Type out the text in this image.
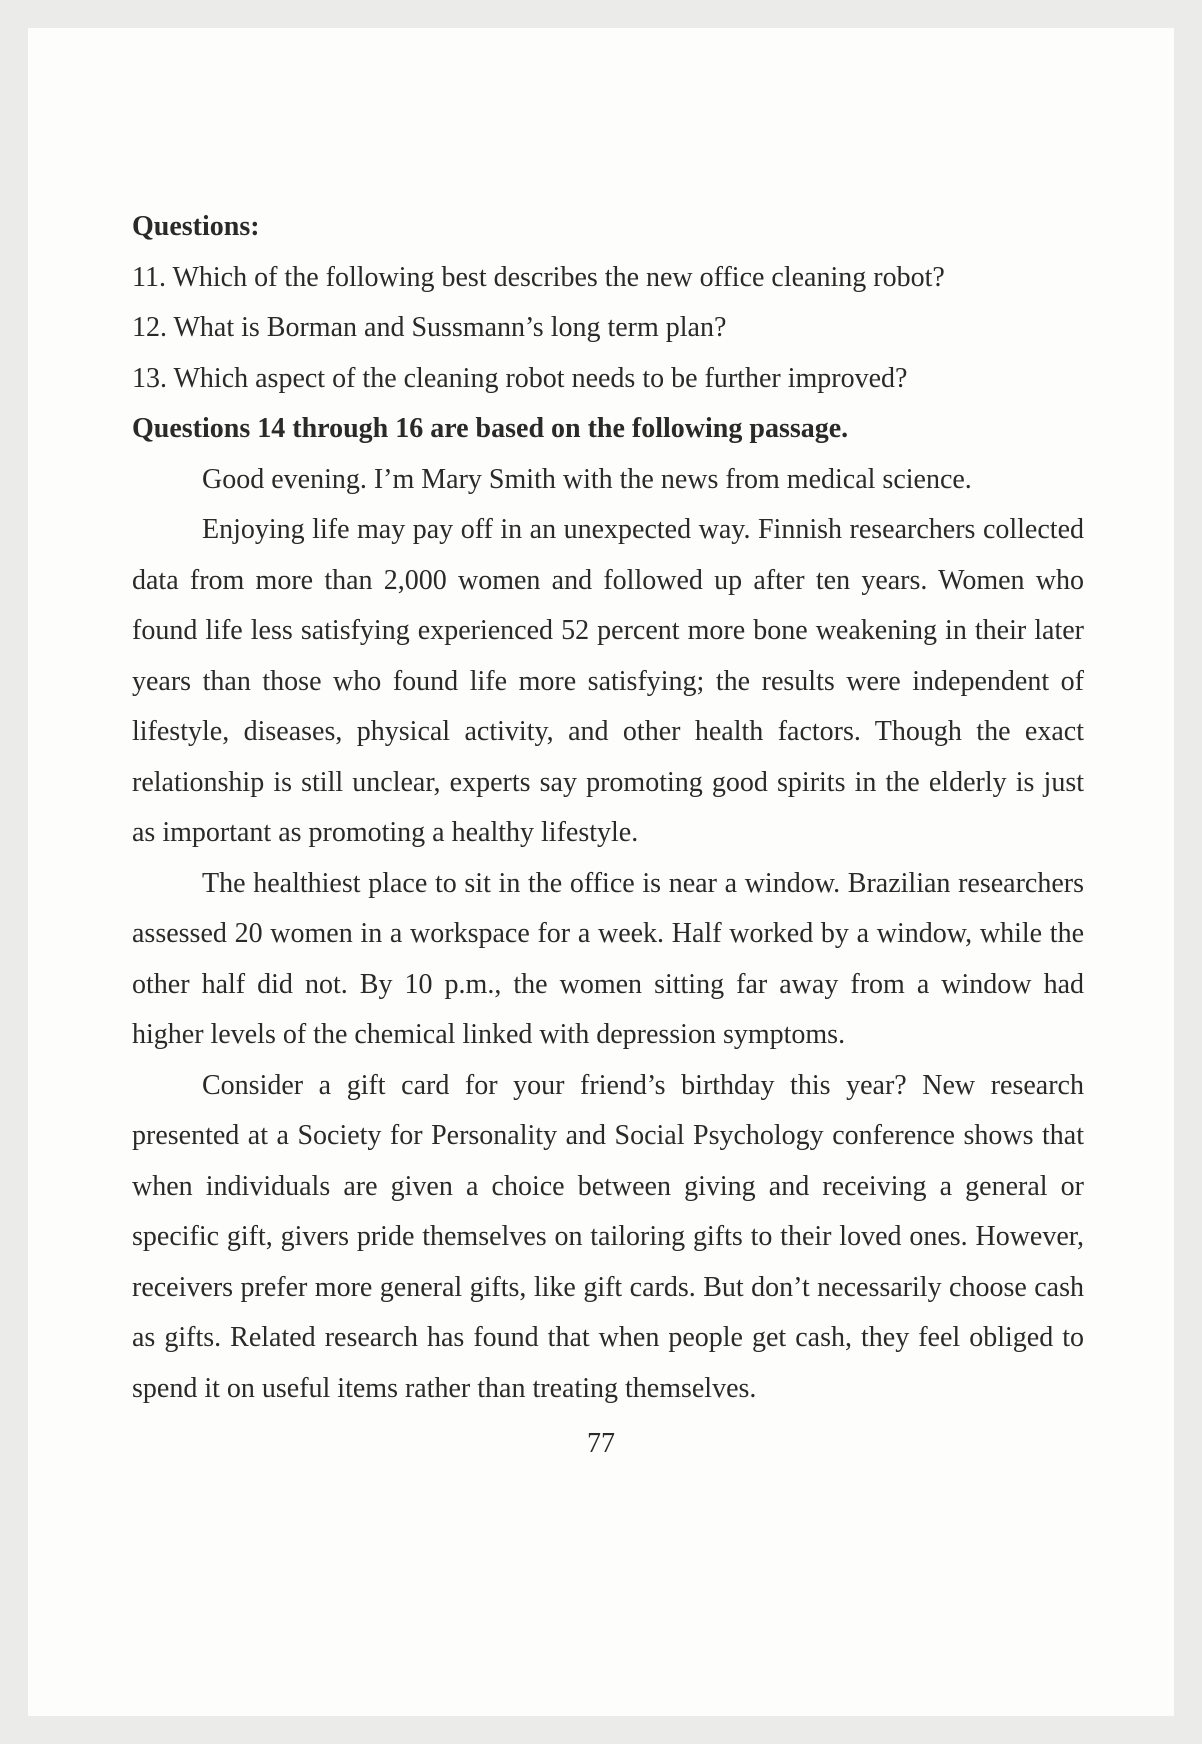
Questions:

11. Which of the following best describes the new office cleaning robot?

12. What is Borman and Sussmann’s long term plan?

13. Which aspect of the cleaning robot needs to be further improved?

Questions 14 through 16 are based on the following passage.

Good evening. I’m Mary Smith with the news from medical science.

Enjoying life may pay off in an unexpected way. Finnish researchers collected data from more than 2,000 women and followed up after ten years. Women who found life less satisfying experienced 52 percent more bone weakening in their later years than those who found life more satisfying; the results were independent of lifestyle, diseases, physical activity, and other health factors. Though the exact relationship is still unclear, experts say promoting good spirits in the elderly is just as important as promoting a healthy lifestyle.

The healthiest place to sit in the office is near a window. Brazilian researchers assessed 20 women in a workspace for a week. Half worked by a window, while the other half did not. By 10 p.m., the women sitting far away from a window had higher levels of the chemical linked with depression symptoms.

Consider a gift card for your friend’s birthday this year? New research presented at a Society for Personality and Social Psychology conference shows that when individuals are given a choice between giving and receiving a general or specific gift, givers pride themselves on tailoring gifts to their loved ones. However, receivers prefer more general gifts, like gift cards. But don’t necessarily choose cash as gifts. Related research has found that when people get cash, they feel obliged to spend it on useful items rather than treating themselves.

77
